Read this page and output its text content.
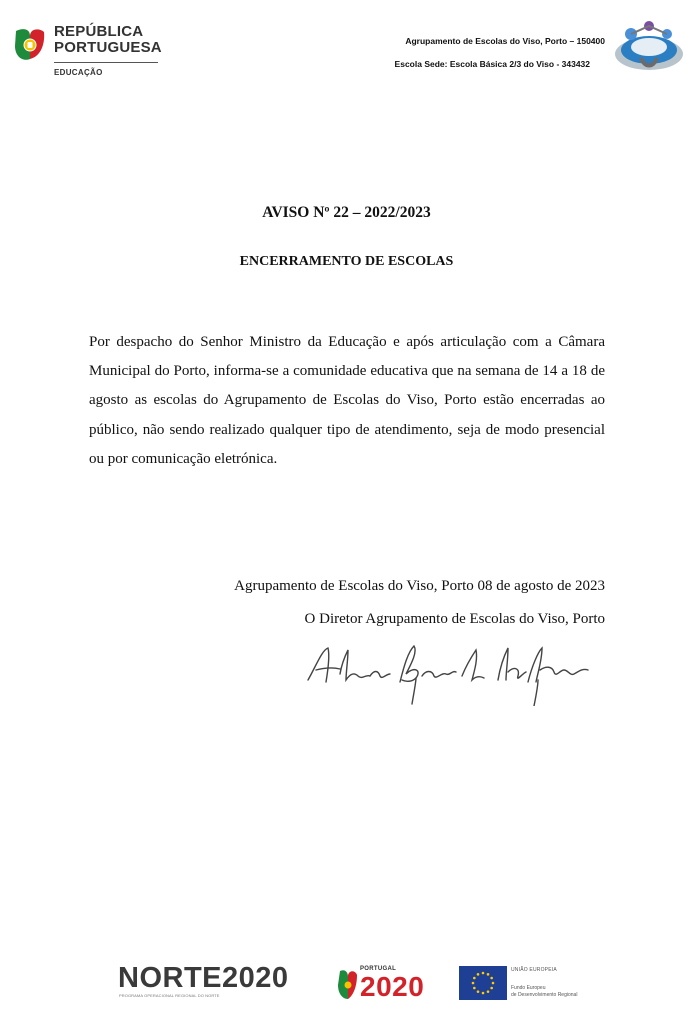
REPÚBLICA
PORTUGUESA
EDUCAÇÃO
Agrupamento de Escolas do Viso, Porto – 150400
Escola Sede: Escola Básica 2/3 do Viso - 343432
AVISO Nº 22 – 2022/2023
ENCERRAMENTO DE ESCOLAS
Por despacho do Senhor Ministro da Educação e após articulação com a Câmara Municipal do Porto, informa-se a comunidade educativa que na semana de 14 a 18 de agosto as escolas do Agrupamento de Escolas do Viso, Porto estão encerradas ao público, não sendo realizado qualquer tipo de atendimento, seja de modo presencial ou por comunicação eletrónica.
Agrupamento de Escolas do Viso, Porto 08 de agosto de 2023
O Diretor Agrupamento de Escolas do Viso, Porto
NORTE2020
PROGRAMA OPERACIONAL REGIONAL DO NORTE
PORTUGAL
2020
UNIÃO EUROPEIA
Fundo Europeu
de Desenvolvimento Regional
